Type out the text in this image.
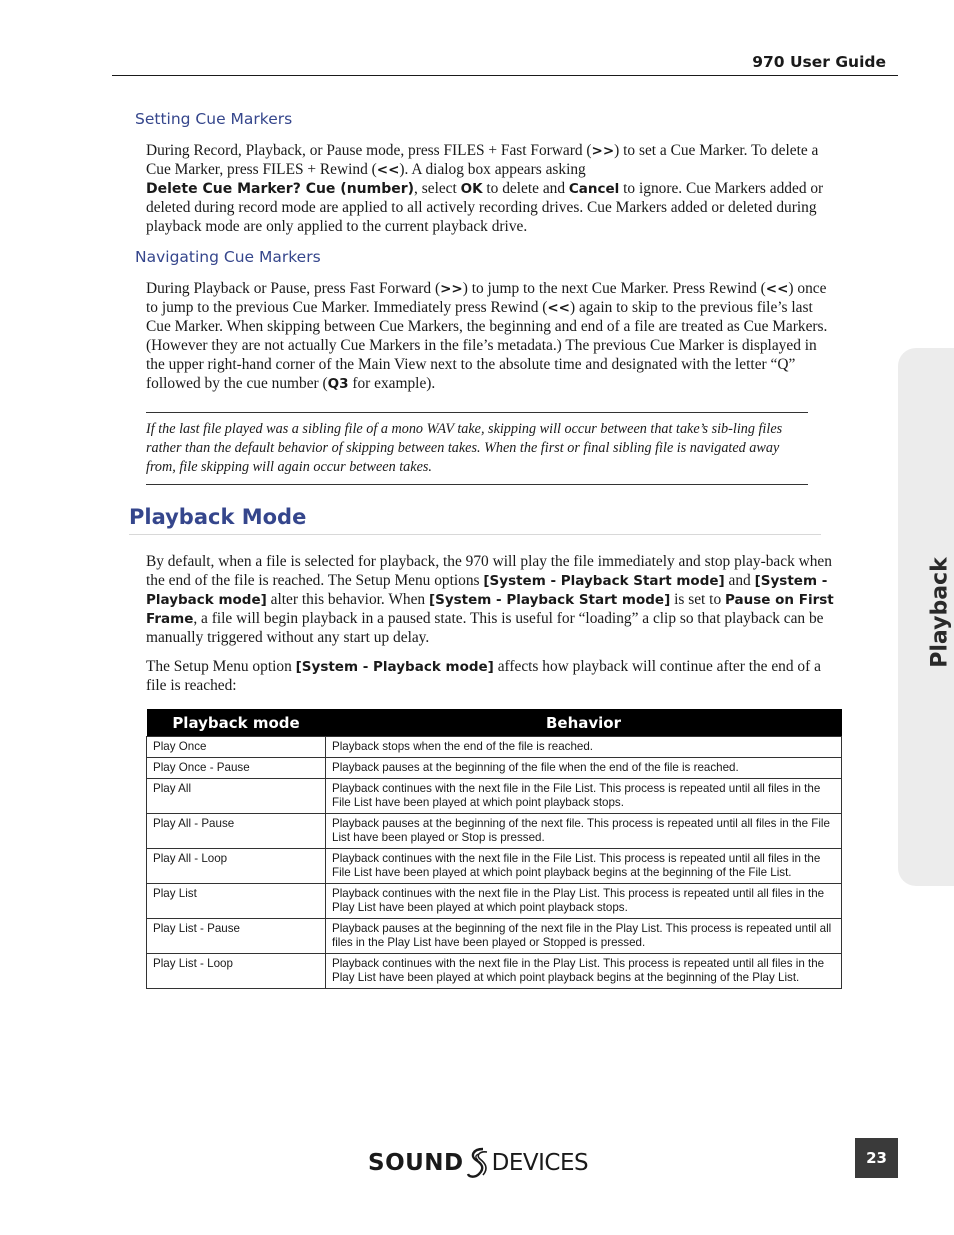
970 User Guide
Setting Cue Markers
During Record, Playback, or Pause mode, press FILES + Fast Forward (>>) to set a Cue Marker. To delete a Cue Marker, press FILES + Rewind (<<). A dialog box appears asking
Delete Cue Marker? Cue (number), select OK to delete and Cancel to ignore. Cue Markers added or deleted during record mode are applied to all actively recording drives. Cue Markers added or deleted during playback mode are only applied to the current playback drive.
Navigating Cue Markers
During Playback or Pause, press Fast Forward (>>) to jump to the next Cue Marker. Press Rewind (<<) once to jump to the previous Cue Marker. Immediately press Rewind (<<) again to skip to the previous file’s last Cue Marker. When skipping between Cue Markers, the beginning and end of a file are treated as Cue Markers. (However they are not actually Cue Markers in the file’s metadata.) The previous Cue Marker is displayed in the upper right-hand corner of the Main View next to the absolute time and designated with the letter “Q” followed by the cue number (Q3 for example).
If the last file played was a sibling file of a mono WAV take, skipping will occur between that take’s sib-ling files rather than the default behavior of skipping between takes. When the first or final sibling file is navigated away from, file skipping will again occur between takes.
Playback Mode
By default, when a file is selected for playback, the 970 will play the file immediately and stop play-back when the end of the file is reached. The Setup Menu options [System - Playback Start mode] and [System - Playback mode] alter this behavior. When [System - Playback Start mode] is set to Pause on First Frame, a file will begin playback in a paused state. This is useful for “loading” a clip so that playback can be manually triggered without any start up delay.
The Setup Menu option [System - Playback mode] affects how playback will continue after the end of a file is reached:
Playback mode	Behavior
Play Once	Playback stops when the end of the file is reached.
Play Once - Pause	Playback pauses at the beginning of the file when the end of the file is reached.
Play All	Playback continues with the next file in the File List. This process is repeated until all files in the File List have been played at which point playback stops.
Play All - Pause	Playback pauses at the beginning of the next file. This process is repeated until all files in the File List have been played or Stop is pressed.
Play All - Loop	Playback continues with the next file in the File List. This process is repeated until all files in the File List have been played at which point playback begins at the beginning of the File List.
Play List	Playback continues with the next file in the Play List. This process is repeated until all files in the Play List have been played at which point playback stops.
Play List - Pause	Playback pauses at the beginning of the next file in the Play List. This process is repeated until all files in the Play List have been played or Stopped is pressed.
Play List - Loop	Playback continues with the next file in the Play List. This process is repeated until all files in the Play List have been played at which point playback begins at the beginning of the Play List.
Playback
SOUND DEVICES	23
